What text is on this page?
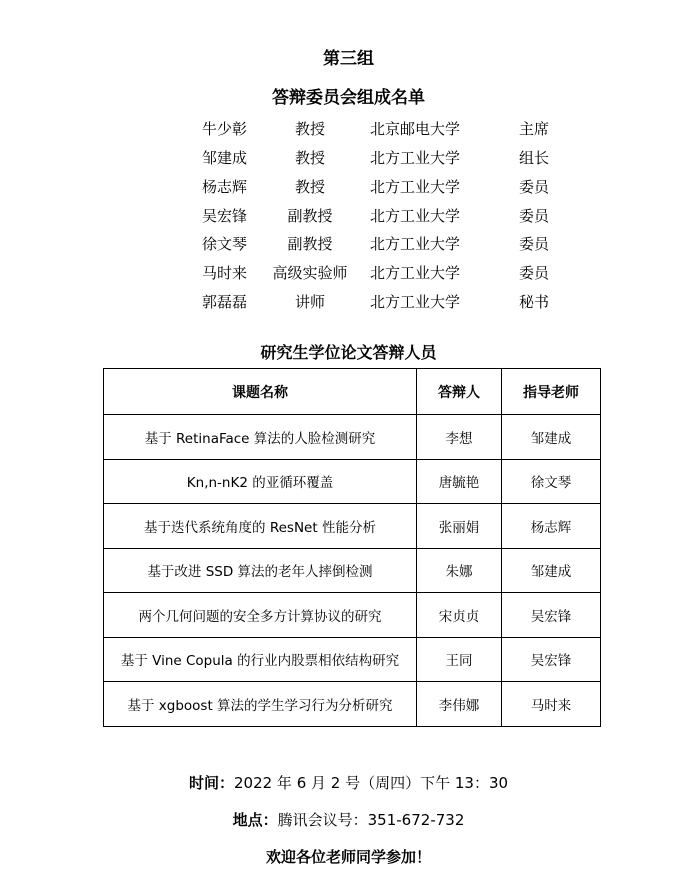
第三组
答辩委员会组成名单
牛少彰	教授	北京邮电大学	主席
邹建成	教授	北方工业大学	组长
杨志辉	教授	北方工业大学	委员
吴宏锋	副教授	北方工业大学	委员
徐文琴	副教授	北方工业大学	委员
马时来	高级实验师	北方工业大学	委员
郭磊磊	讲师	北方工业大学	秘书
研究生学位论文答辩人员
课题名称	答辩人	指导老师
基于 RetinaFace 算法的人脸检测研究	李想	邹建成
Kn,n-nK2 的亚循环覆盖	唐毓艳	徐文琴
基于迭代系统角度的 ResNet 性能分析	张丽娟	杨志辉
基于改进 SSD 算法的老年人摔倒检测	朱娜	邹建成
两个几何问题的安全多方计算协议的研究	宋贞贞	吴宏锋
基于 Vine Copula 的行业内股票相依结构研究	王同	吴宏锋
基于 xgboost 算法的学生学习行为分析研究	李伟娜	马时来
时间：2022 年 6 月 2 号（周四）下午 13：30
地点：腾讯会议号：351-672-732
欢迎各位老师同学参加！
